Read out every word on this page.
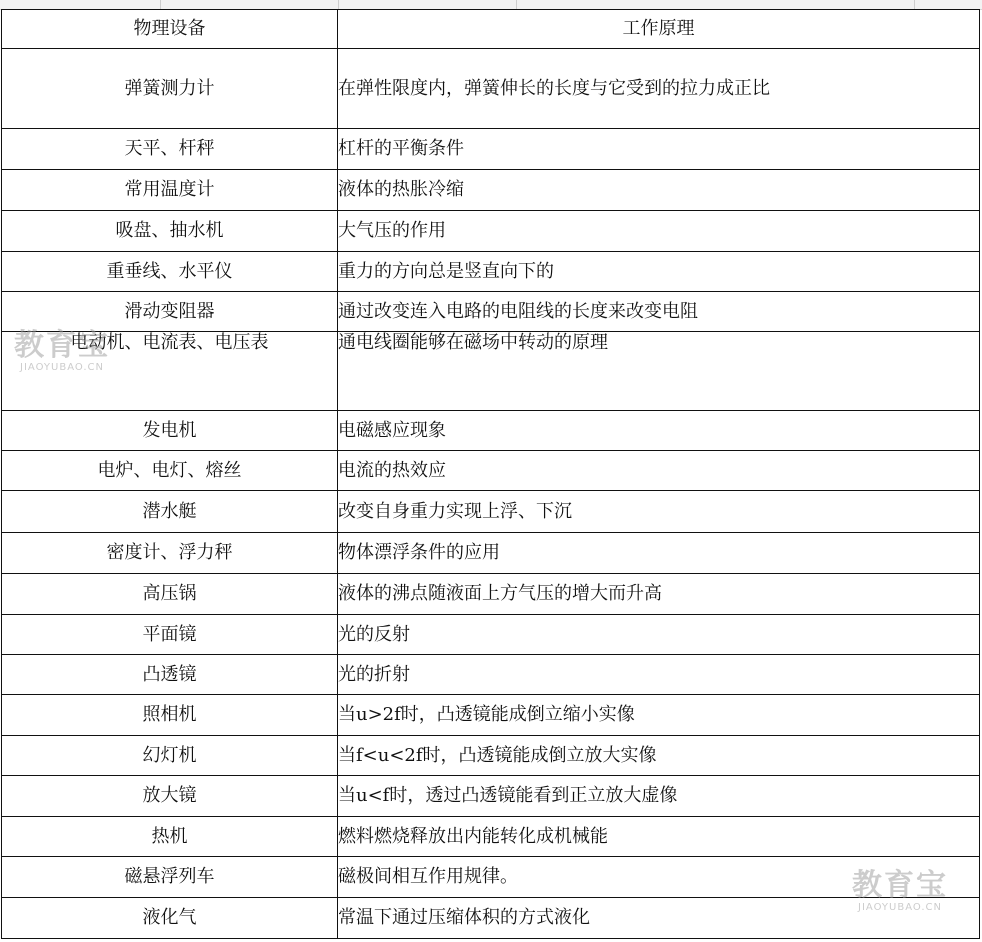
物理设备	工作原理
弹簧测力计	在弹性限度内，弹簧伸长的长度与它受到的拉力成正比
天平、杆秤	杠杆的平衡条件
常用温度计	液体的热胀冷缩
吸盘、抽水机	大气压的作用
重垂线、水平仪	重力的方向总是竖直向下的
滑动变阻器	通过改变连入电路的电阻线的长度来改变电阻
电动机、电流表、电压表	通电线圈能够在磁场中转动的原理
发电机	电磁感应现象
电炉、电灯、熔丝	电流的热效应
潜水艇	改变自身重力实现上浮、下沉
密度计、浮力秤	物体漂浮条件的应用
高压锅	液体的沸点随液面上方气压的增大而升高
平面镜	光的反射
凸透镜	光的折射
照相机	当u>2f时，凸透镜能成倒立缩小实像
幻灯机	当f<u<2f时，凸透镜能成倒立放大实像
放大镜	当u<f时，透过凸透镜能看到正立放大虚像
热机	燃料燃烧释放出内能转化成机械能
磁悬浮列车	磁极间相互作用规律。
液化气	常温下通过压缩体积的方式液化
教育宝
JIAOYUBAO.CN
教育宝
JIAOYUBAO.CN
